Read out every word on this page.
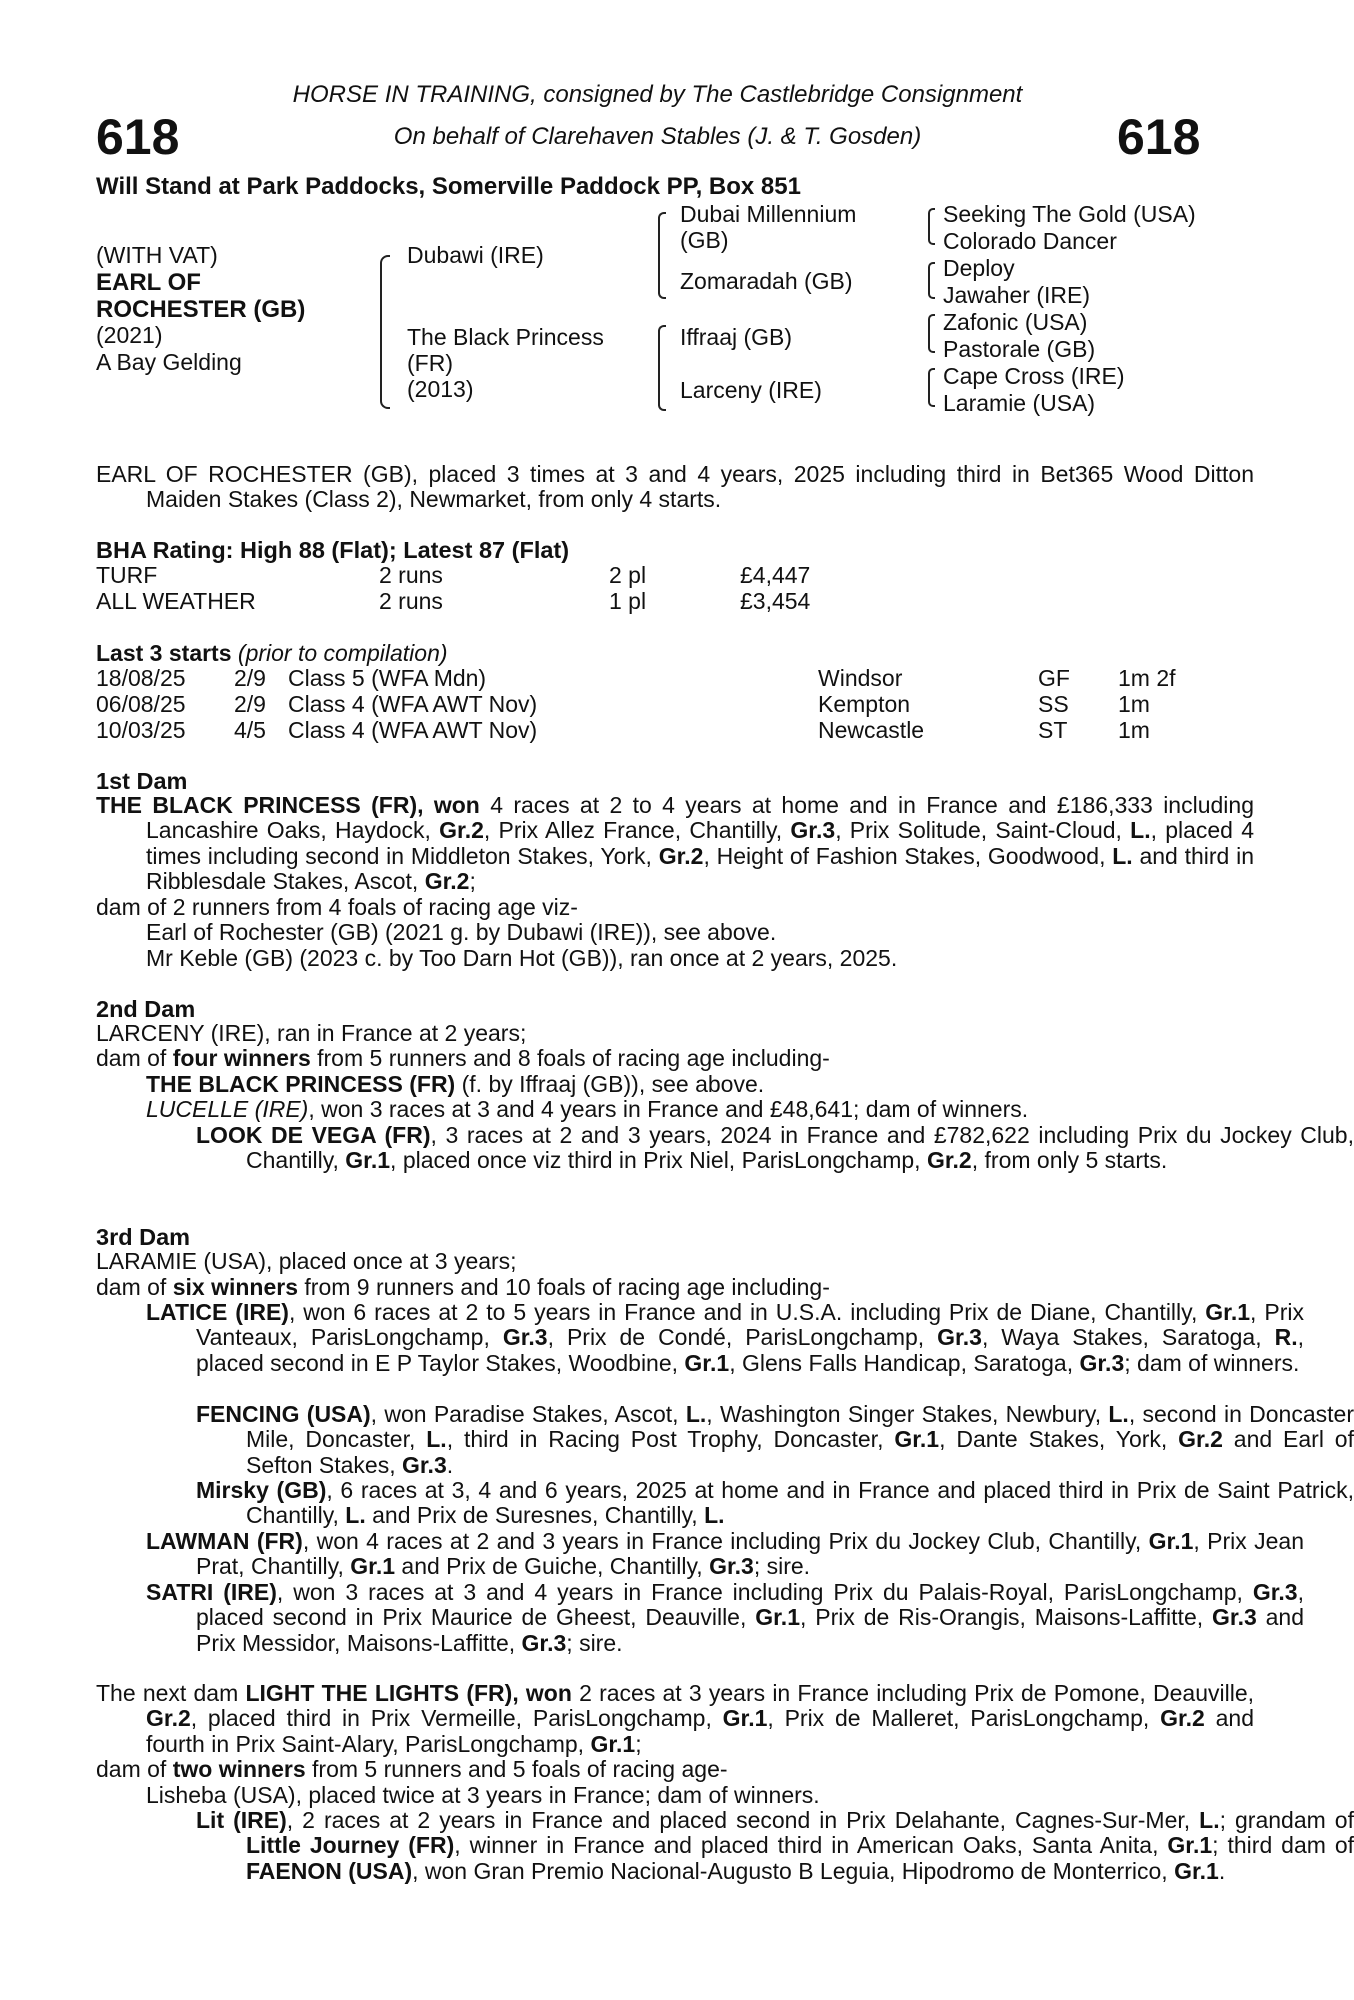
HORSE IN TRAINING, consigned by The Castlebridge Consignment
On behalf of Clarehaven Stables (J. & T. Gosden)
618	618
Will Stand at Park Paddocks, Somerville Paddock PP, Box 851
(WITH VAT)
EARL OF
ROCHESTER (GB)
(2021)
A Bay Gelding
Dubawi (IRE)
The Black Princess
(FR)
(2013)
Dubai Millennium
(GB)
Zomaradah (GB)
Iffraaj (GB)
Larceny (IRE)
Seeking The Gold (USA)
Colorado Dancer
Deploy
Jawaher (IRE)
Zafonic (USA)
Pastorale (GB)
Cape Cross (IRE)
Laramie (USA)
EARL OF ROCHESTER (GB), placed 3 times at 3 and 4 years, 2025 including third in Bet365 Wood Ditton Maiden Stakes (Class 2), Newmarket, from only 4 starts.
BHA Rating: High 88 (Flat); Latest 87 (Flat)
TURF	2 runs	2 pl	£4,447
ALL WEATHER	2 runs	1 pl	£3,454
Last 3 starts (prior to compilation)
18/08/25 2/9 Class 5 (WFA Mdn)	Windsor	GF 1m 2f
06/08/25 2/9 Class 4 (WFA AWT Nov)	Kempton	SS 1m
10/03/25 4/5 Class 4 (WFA AWT Nov)	Newcastle	ST 1m
1st Dam
THE BLACK PRINCESS (FR), won 4 races at 2 to 4 years at home and in France and £186,333 including Lancashire Oaks, Haydock, Gr.2, Prix Allez France, Chantilly, Gr.3, Prix Solitude, Saint-Cloud, L., placed 4 times including second in Middleton Stakes, York, Gr.2, Height of Fashion Stakes, Goodwood, L. and third in Ribblesdale Stakes, Ascot, Gr.2;
dam of 2 runners from 4 foals of racing age viz-
Earl of Rochester (GB) (2021 g. by Dubawi (IRE)), see above.
Mr Keble (GB) (2023 c. by Too Darn Hot (GB)), ran once at 2 years, 2025.
2nd Dam
LARCENY (IRE), ran in France at 2 years;
dam of four winners from 5 runners and 8 foals of racing age including-
THE BLACK PRINCESS (FR) (f. by Iffraaj (GB)), see above.
LUCELLE (IRE), won 3 races at 3 and 4 years in France and £48,641; dam of winners.
LOOK DE VEGA (FR), 3 races at 2 and 3 years, 2024 in France and £782,622 including Prix du Jockey Club, Chantilly, Gr.1, placed once viz third in Prix Niel, ParisLongchamp, Gr.2, from only 5 starts.
3rd Dam
LARAMIE (USA), placed once at 3 years;
dam of six winners from 9 runners and 10 foals of racing age including-
LATICE (IRE), won 6 races at 2 to 5 years in France and in U.S.A. including Prix de Diane, Chantilly, Gr.1, Prix Vanteaux, ParisLongchamp, Gr.3, Prix de Condé, ParisLongchamp, Gr.3, Waya Stakes, Saratoga, R., placed second in E P Taylor Stakes, Woodbine, Gr.1, Glens Falls Handicap, Saratoga, Gr.3; dam of winners.
FENCING (USA), won Paradise Stakes, Ascot, L., Washington Singer Stakes, Newbury, L., second in Doncaster Mile, Doncaster, L., third in Racing Post Trophy, Doncaster, Gr.1, Dante Stakes, York, Gr.2 and Earl of Sefton Stakes, Gr.3.
Mirsky (GB), 6 races at 3, 4 and 6 years, 2025 at home and in France and placed third in Prix de Saint Patrick, Chantilly, L. and Prix de Suresnes, Chantilly, L.
LAWMAN (FR), won 4 races at 2 and 3 years in France including Prix du Jockey Club, Chantilly, Gr.1, Prix Jean Prat, Chantilly, Gr.1 and Prix de Guiche, Chantilly, Gr.3; sire.
SATRI (IRE), won 3 races at 3 and 4 years in France including Prix du Palais-Royal, ParisLongchamp, Gr.3, placed second in Prix Maurice de Gheest, Deauville, Gr.1, Prix de Ris-Orangis, Maisons-Laffitte, Gr.3 and Prix Messidor, Maisons-Laffitte, Gr.3; sire.
The next dam LIGHT THE LIGHTS (FR), won 2 races at 3 years in France including Prix de Pomone, Deauville, Gr.2, placed third in Prix Vermeille, ParisLongchamp, Gr.1, Prix de Malleret, ParisLongchamp, Gr.2 and fourth in Prix Saint-Alary, ParisLongchamp, Gr.1;
dam of two winners from 5 runners and 5 foals of racing age-
Lisheba (USA), placed twice at 3 years in France; dam of winners.
Lit (IRE), 2 races at 2 years in France and placed second in Prix Delahante, Cagnes-Sur-Mer, L.; grandam of Little Journey (FR), winner in France and placed third in American Oaks, Santa Anita, Gr.1; third dam of FAENON (USA), won Gran Premio Nacional-Augusto B Leguia, Hipodromo de Monterrico, Gr.1.
